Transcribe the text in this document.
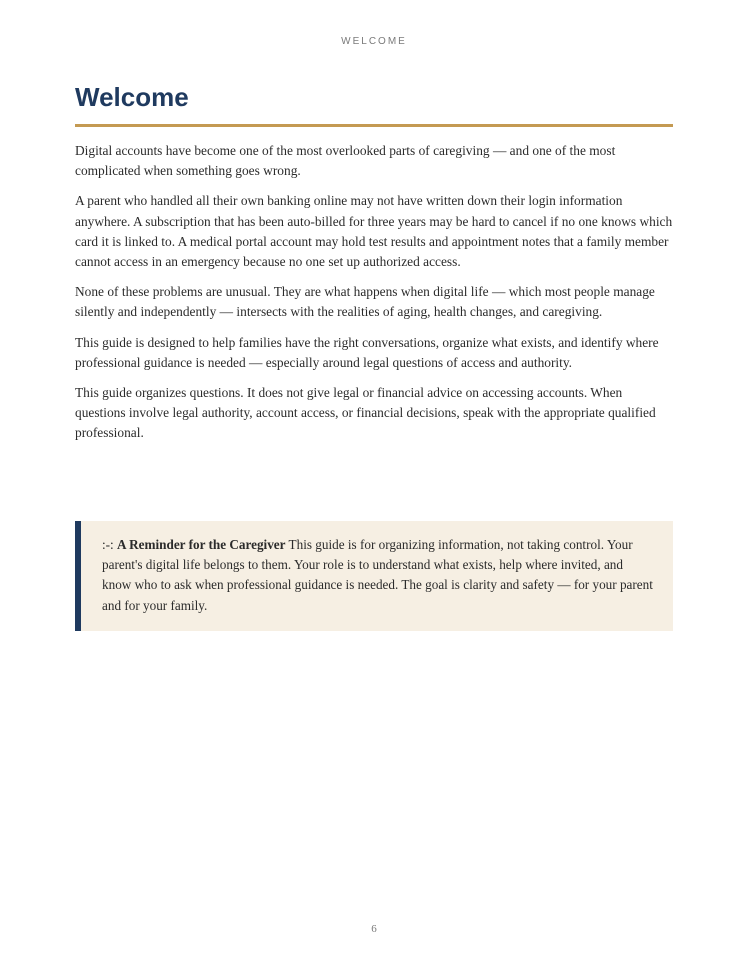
WELCOME
Welcome

Digital accounts have become one of the most overlooked parts of caregiving — and one of the most complicated when something goes wrong.

A parent who handled all their own banking online may not have written down their login information anywhere. A subscription that has been auto-billed for three years may be hard to cancel if no one knows which card it is linked to. A medical portal account may hold test results and appointment notes that a family member cannot access in an emergency because no one set up authorized access.

None of these problems are unusual. They are what happens when digital life — which most people manage silently and independently — intersects with the realities of aging, health changes, and caregiving.

This guide is designed to help families have the right conversations, organize what exists, and identify where professional guidance is needed — especially around legal questions of access and authority.

This guide organizes questions. It does not give legal or financial advice on accessing accounts. When questions involve legal authority, account access, or financial decisions, speak with the appropriate qualified professional.

:-: A Reminder for the Caregiver This guide is for organizing information, not taking control. Your parent's digital life belongs to them. Your role is to understand what exists, help where invited, and know who to ask when professional guidance is needed. The goal is clarity and safety — for your parent and for your family.

6
